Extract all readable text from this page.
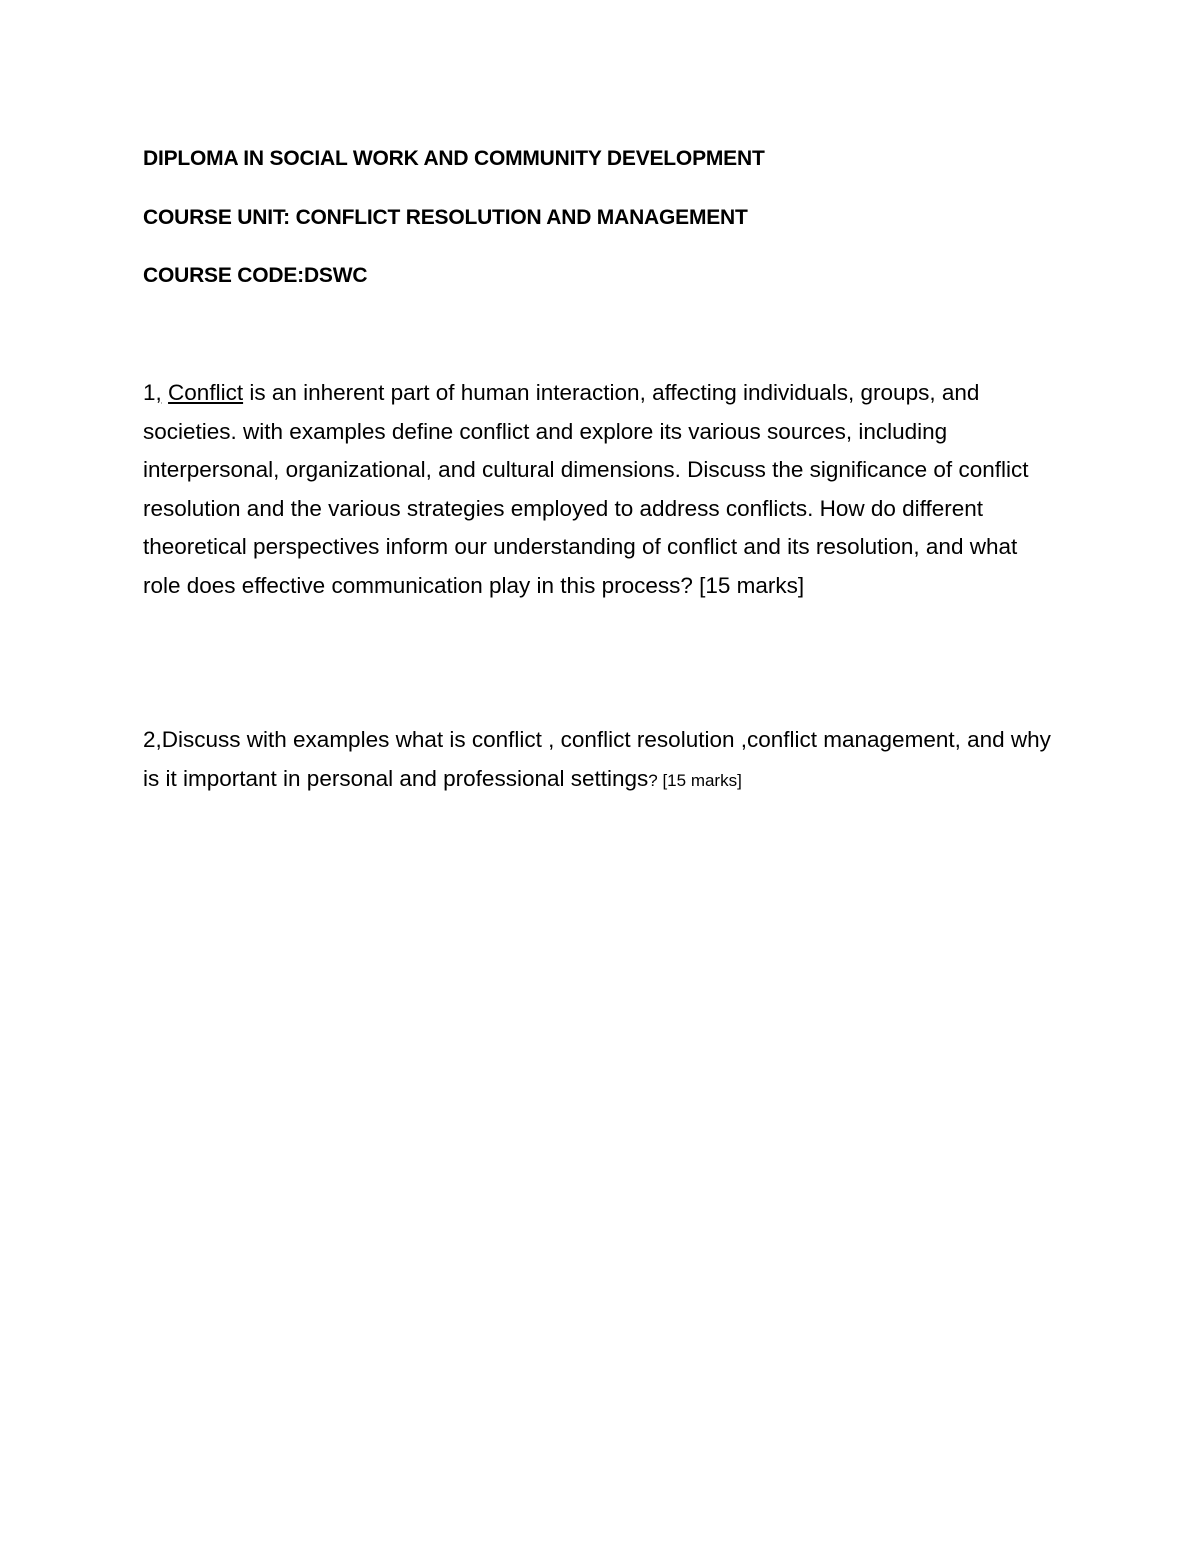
DIPLOMA IN SOCIAL WORK AND COMMUNITY DEVELOPMENT
COURSE UNIT: CONFLICT RESOLUTION AND MANAGEMENT
COURSE CODE:DSWC
1, Conflict is an inherent part of human interaction, affecting individuals, groups, and societies. with examples define conflict and explore its various sources, including interpersonal, organizational, and cultural dimensions. Discuss the significance of conflict resolution and the various strategies employed to address conflicts. How do different theoretical perspectives inform our understanding of conflict and its resolution, and what role does effective communication play in this process? [15 marks]
2,Discuss with examples what is conflict , conflict resolution ,conflict management, and why is it important in personal and professional settings? [15 marks]
